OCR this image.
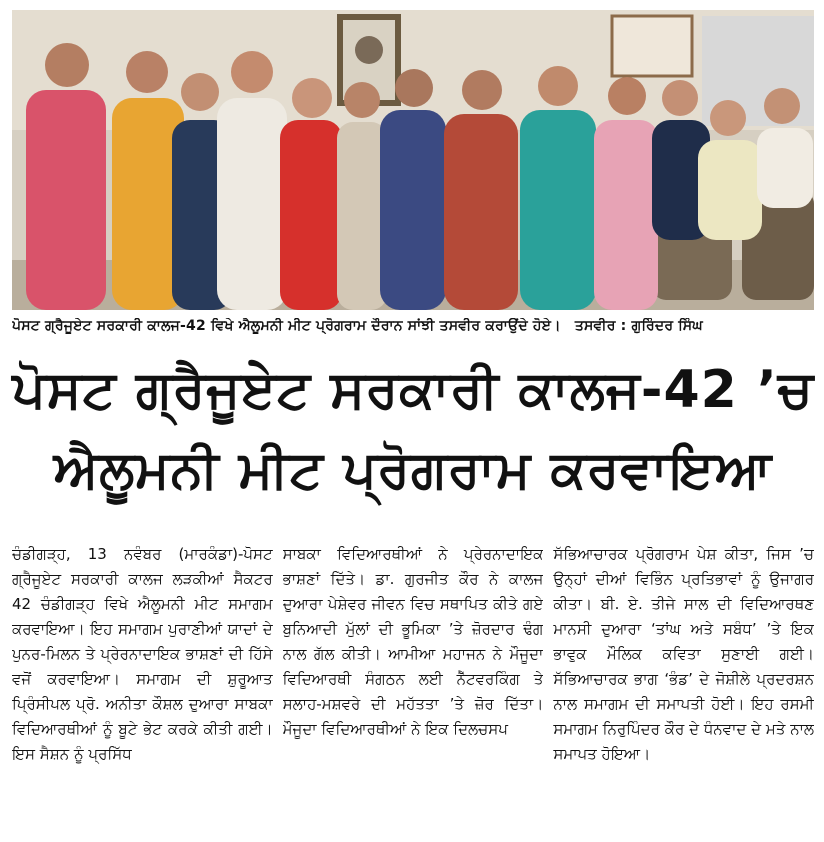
ਪੋਸਟ ਗ੍ਰੈਜੂਏਟ ਸਰਕਾਰੀ ਕਾਲਜ-42 ਵਿਖੇ ਐਲੂਮਨੀ ਮੀਟ ਪ੍ਰੋਗਰਾਮ ਦੌਰਾਨ ਸਾਂਝੀ ਤਸਵੀਰ ਕਰਾਉਂਦੇ ਹੋਏ। ਤਸਵੀਰ : ਗੁਰਿੰਦਰ ਸਿੰਘ
ਪੋਸਟ ਗ੍ਰੈਜੂਏਟ ਸਰਕਾਰੀ ਕਾਲਜ-42 ’ਚ
ਐਲੂਮਨੀ ਮੀਟ ਪ੍ਰੋਗਰਾਮ ਕਰਵਾਇਆ
ਚੰਡੀਗੜ੍ਹ, 13 ਨਵੰਬਰ (ਮਾਰਕੰਡਾ)-ਪੋਸਟ ਗ੍ਰੈਜੂਏਟ ਸਰਕਾਰੀ ਕਾਲਜ ਲੜਕੀਆਂ ਸੈਕਟਰ 42 ਚੰਡੀਗੜ੍ਹ ਵਿਖੇ ਐਲੂਮਨੀ ਮੀਟ ਸਮਾਗਮ ਕਰਵਾਇਆ। ਇਹ ਸਮਾਗਮ ਪੁਰਾਣੀਆਂ ਯਾਦਾਂ ਦੇ ਪੁਨਰ-ਮਿਲਨ ਤੇ ਪ੍ਰੇਰਨਾਦਾਇਕ ਭਾਸ਼ਣਾਂ ਦੀ ਹਿੱਸੇ ਵਜੋਂ ਕਰਵਾਇਆ। ਸਮਾਗਮ ਦੀ ਸ਼ੁਰੂਆਤ ਪ੍ਰਿੰਸੀਪਲ ਪ੍ਰੋ. ਅਨੀਤਾ ਕੌਸ਼ਲ ਦੁਆਰਾ ਸਾਬਕਾ ਵਿਦਿਆਰਥੀਆਂ ਨੂੰ ਬੂਟੇ ਭੇਟ ਕਰਕੇ ਕੀਤੀ ਗਈ। ਇਸ ਸੈਸ਼ਨ ਨੂੰ ਪ੍ਰਸਿੱਧ
ਸਾਬਕਾ ਵਿਦਿਆਰਥੀਆਂ ਨੇ ਪ੍ਰੇਰਨਾਦਾਇਕ ਭਾਸ਼ਣਾਂ ਦਿੱਤੇ। ਡਾ. ਗੁਰਜੀਤ ਕੌਰ ਨੇ ਕਾਲਜ ਦੁਆਰਾ ਪੇਸ਼ੇਵਰ ਜੀਵਨ ਵਿਚ ਸਥਾਪਿਤ ਕੀਤੇ ਗਏ ਬੁਨਿਆਦੀ ਮੁੱਲਾਂ ਦੀ ਭੂਮਿਕਾ ’ਤੇ ਜ਼ੋਰਦਾਰ ਢੰਗ ਨਾਲ ਗੱਲ ਕੀਤੀ। ਆਮੀਆ ਮਹਾਜਨ ਨੇ ਮੌਜੂਦਾ ਵਿਦਿਆਰਥੀ ਸੰਗਠਨ ਲਈ ਨੈੱਟਵਰਕਿੰਗ ਤੇ ਸਲਾਹ-ਮਸ਼ਵਰੇ ਦੀ ਮਹੱਤਤਾ ’ਤੇ ਜ਼ੋਰ ਦਿੱਤਾ। ਮੌਜੂਦਾ ਵਿਦਿਆਰਥੀਆਂ ਨੇ ਇਕ ਦਿਲਚਸਪ
ਸੱਭਿਆਚਾਰਕ ਪ੍ਰੋਗਰਾਮ ਪੇਸ਼ ਕੀਤਾ, ਜਿਸ ’ਚ ਉਨ੍ਹਾਂ ਦੀਆਂ ਵਿਭਿੰਨ ਪ੍ਰਤਿਭਾਵਾਂ ਨੂੰ ਉਜਾਗਰ ਕੀਤਾ। ਬੀ. ਏ. ਤੀਜੇ ਸਾਲ ਦੀ ਵਿਦਿਆਰਥਣ ਮਾਨਸੀ ਦੁਆਰਾ ‘ਤਾਂਘ ਅਤੇ ਸਬੰਧ’ ’ਤੇ ਇਕ ਭਾਵੁਕ ਮੌਲਿਕ ਕਵਿਤਾ ਸੁਣਾਈ ਗਈ। ਸੱਭਿਆਚਾਰਕ ਭਾਗ ‘ਭੰਡ’ ਦੇ ਜੋਸ਼ੀਲੇ ਪ੍ਰਦਰਸ਼ਨ ਨਾਲ ਸਮਾਗਮ ਦੀ ਸਮਾਪਤੀ ਹੋਈ। ਇਹ ਰਸਮੀ ਸਮਾਗਮ ਨਿਰੁਪਿੰਦਰ ਕੌਰ ਦੇ ਧੰਨਵਾਦ ਦੇ ਮਤੇ ਨਾਲ ਸਮਾਪਤ ਹੋਇਆ।
